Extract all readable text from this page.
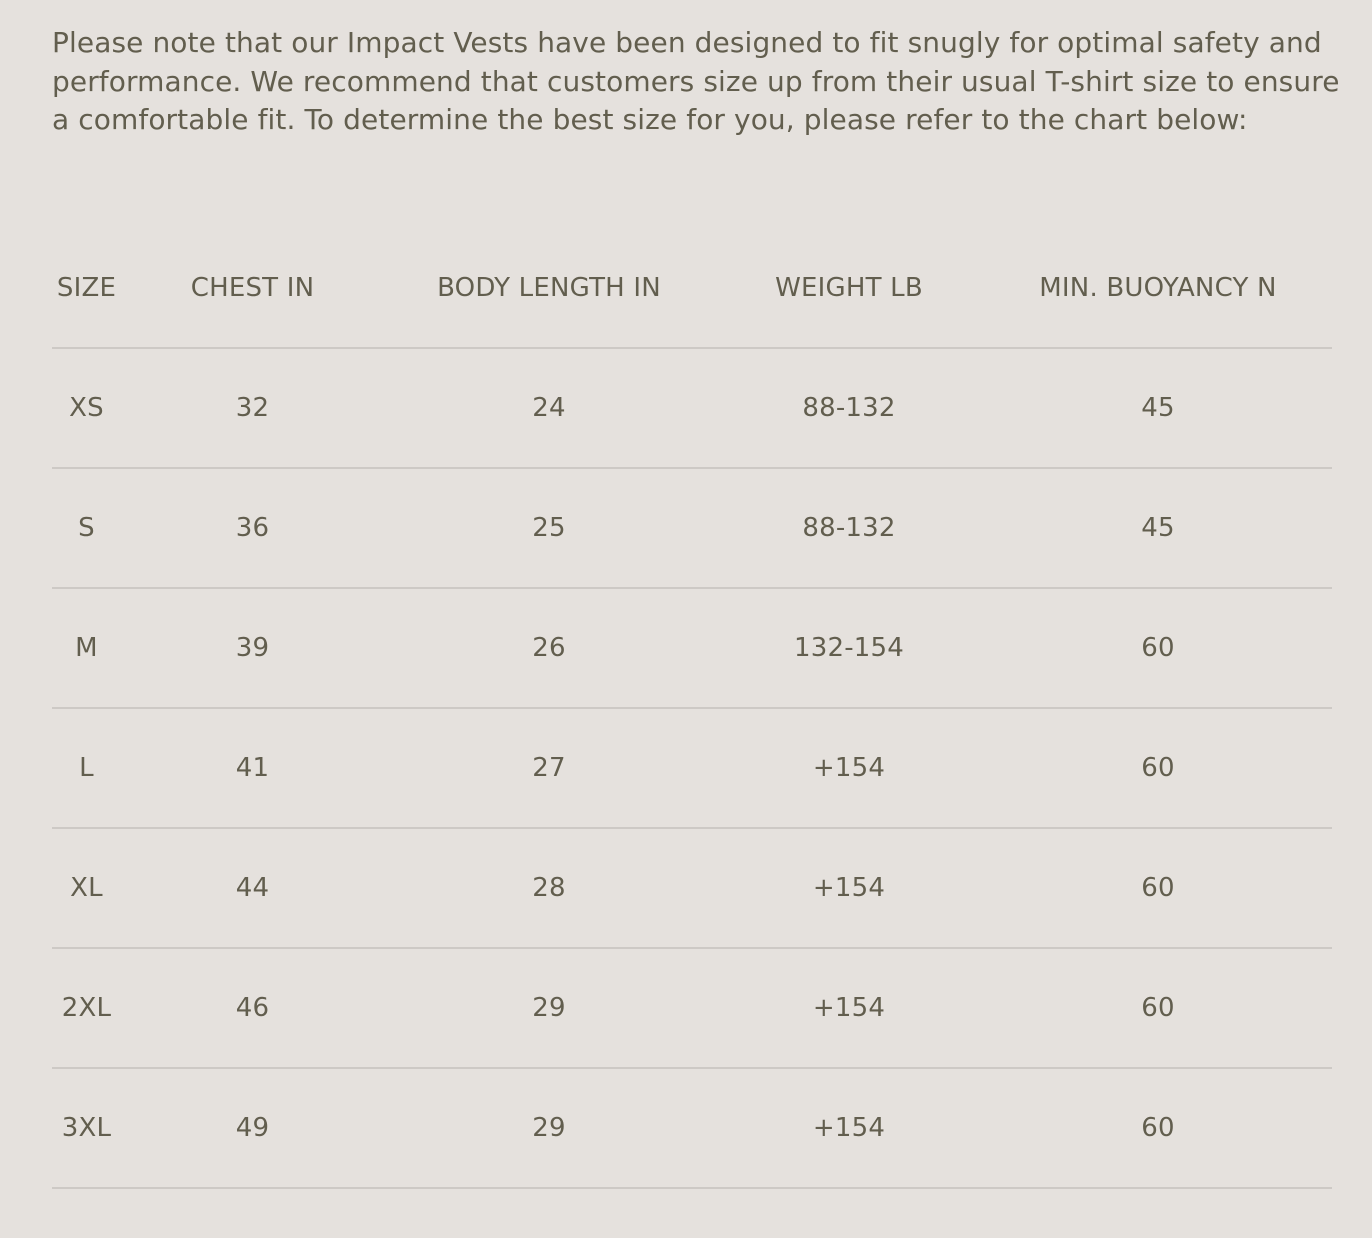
Please note that our Impact Vests have been designed to fit snugly for optimal safety and performance. We recommend that customers size up from their usual T-shirt size to ensure a comfortable fit. To determine the best size for you, please refer to the chart below:

SIZE	CHEST IN	BODY LENGTH IN	WEIGHT LB	MIN. BUOYANCY N
XS	32	24	88-132	45
S	36	25	88-132	45
M	39	26	132-154	60
L	41	27	+154	60
XL	44	28	+154	60
2XL	46	29	+154	60
3XL	49	29	+154	60
